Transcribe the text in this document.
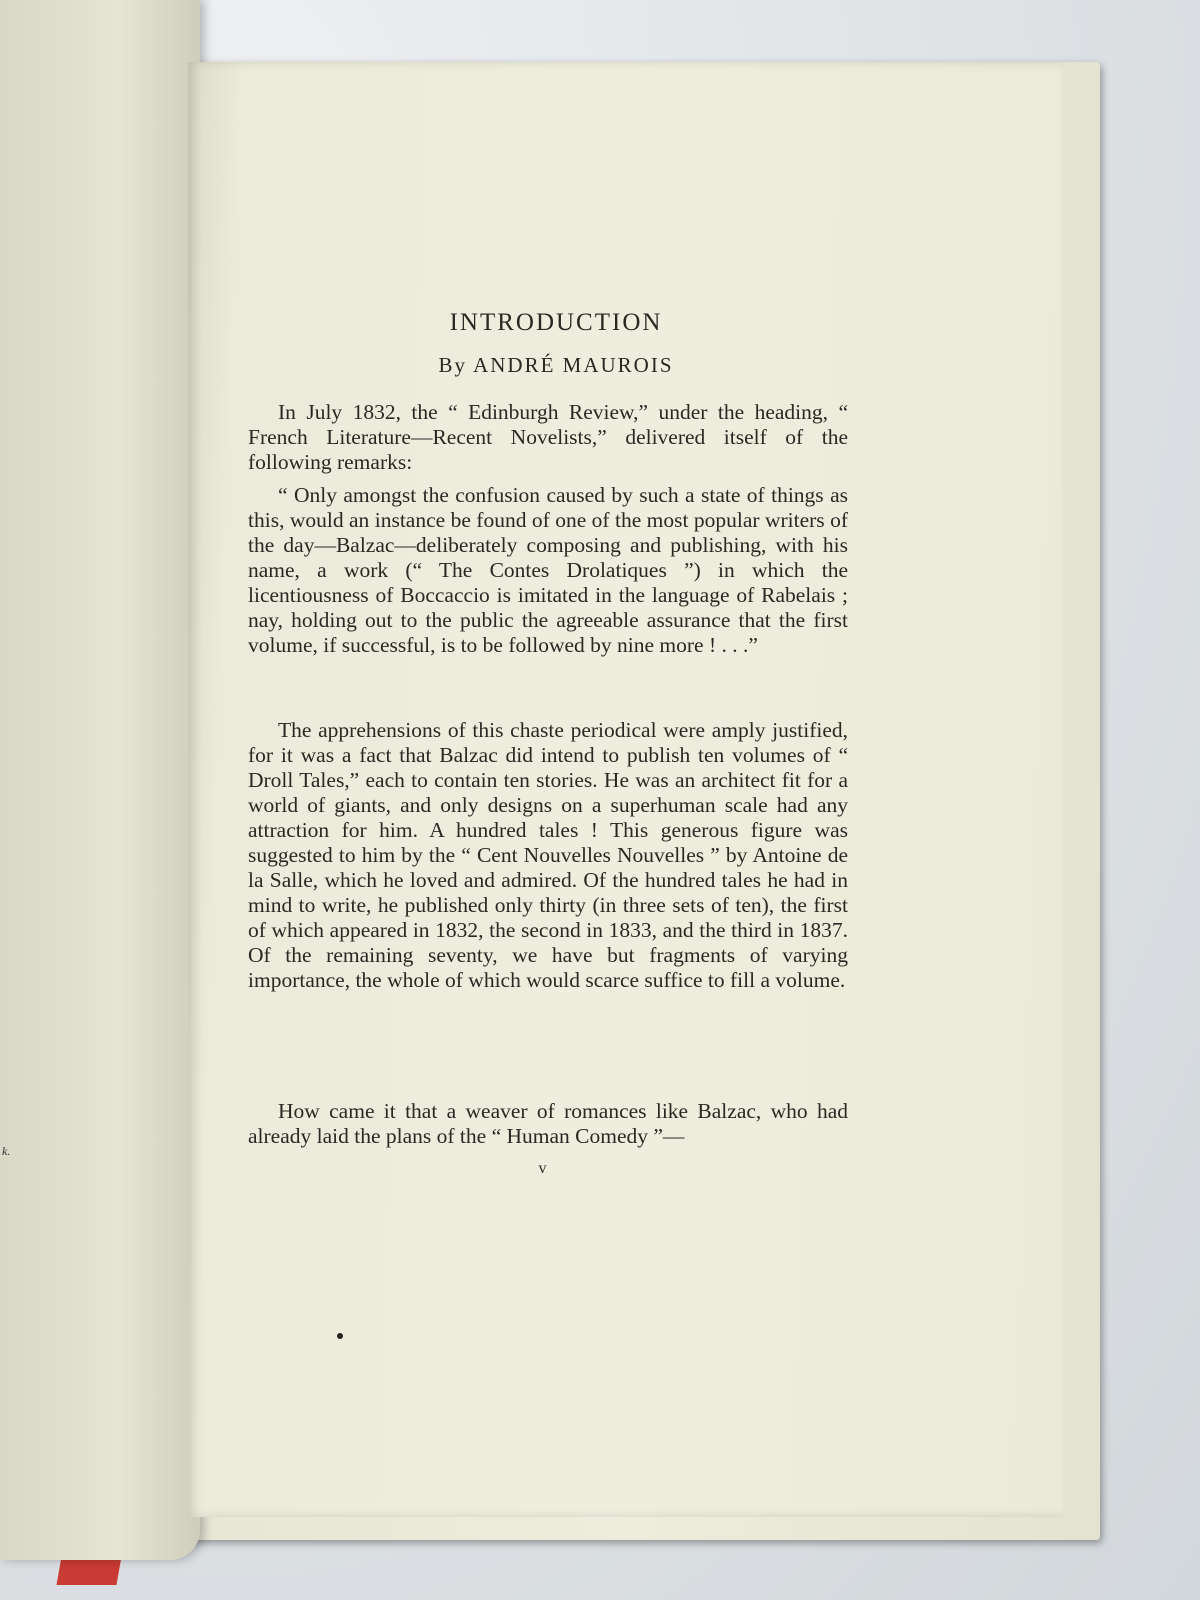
k.
INTRODUCTION
By ANDRÉ MAUROIS
In July 1832, the “ Edinburgh Review,” under the heading, “ French Literature—Recent Novelists,” delivered itself of the following remarks:
“ Only amongst the confusion caused by such a state of things as this, would an instance be found of one of the most popular writers of the day—Balzac—deliberately composing and publishing, with his name, a work (“ The Contes Drolatiques ”) in which the licentiousness of Boccaccio is imitated in the language of Rabelais ; nay, holding out to the public the agreeable assurance that the first volume, if successful, is to be followed by nine more ! . . .”
The apprehensions of this chaste periodical were amply justified, for it was a fact that Balzac did intend to publish ten volumes of “ Droll Tales,” each to contain ten stories. He was an architect fit for a world of giants, and only designs on a superhuman scale had any attraction for him. A hundred tales ! This generous figure was suggested to him by the “ Cent Nouvelles Nouvelles ” by Antoine de la Salle, which he loved and admired. Of the hundred tales he had in mind to write, he published only thirty (in three sets of ten), the first of which appeared in 1832, the second in 1833, and the third in 1837. Of the remaining seventy, we have but fragments of varying importance, the whole of which would scarce suffice to fill a volume.
How came it that a weaver of romances like Balzac, who had already laid the plans of the “ Human Comedy ”—
v
